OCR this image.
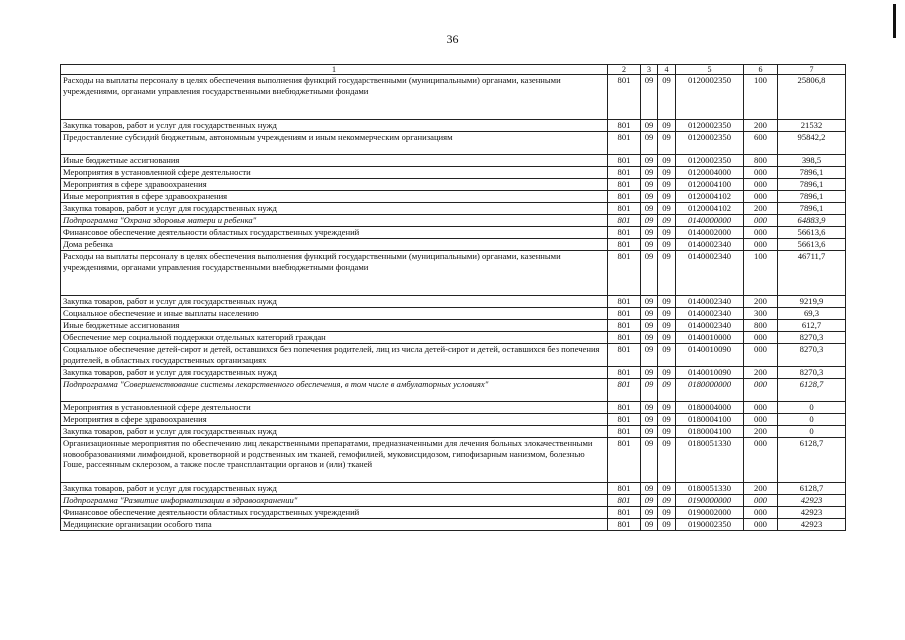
36
1	2	3	4	5	6	7
Расходы на выплаты персоналу в целях обеспечения выполнения функций государственными (муниципальными) органами, казенными учреждениями, органами управления государственными внебюджетными фондами	801	09	09	0120002350	100	25806,8
Закупка товаров, работ и услуг для государственных нужд	801	09	09	0120002350	200	21532
Предоставление субсидий бюджетным, автономным учреждениям и иным некоммерческим организациям	801	09	09	0120002350	600	95842,2
Иные бюджетные ассигнования	801	09	09	0120002350	800	398,5
Мероприятия в установленной сфере деятельности	801	09	09	0120004000	000	7896,1
Мероприятия в сфере здравоохранения	801	09	09	0120004100	000	7896,1
Иные мероприятия в сфере здравоохранения	801	09	09	0120004102	000	7896,1
Закупка товаров, работ и услуг для государственных нужд	801	09	09	0120004102	200	7896,1
Подпрограмма "Охрана здоровья матери и ребенка"	801	09	09	0140000000	000	64883,9
Финансовое обеспечение деятельности областных государственных учреждений	801	09	09	0140002000	000	56613,6
Дома ребенка	801	09	09	0140002340	000	56613,6
Расходы на выплаты персоналу в целях обеспечения выполнения функций государственными (муниципальными) органами, казенными учреждениями, органами управления государственными внебюджетными фондами	801	09	09	0140002340	100	46711,7
Закупка товаров, работ и услуг для государственных нужд	801	09	09	0140002340	200	9219,9
Социальное обеспечение и иные выплаты населению	801	09	09	0140002340	300	69,3
Иные бюджетные ассигнования	801	09	09	0140002340	800	612,7
Обеспечение мер социальной поддержки отдельных категорий граждан	801	09	09	0140010000	000	8270,3
Социальное обеспечение детей-сирот и детей, оставшихся без попечения родителей, лиц из числа детей-сирот и детей, оставшихся без попечения родителей, в областных государственных организациях	801	09	09	0140010090	000	8270,3
Закупка товаров, работ и услуг для государственных нужд	801	09	09	0140010090	200	8270,3
Подпрограмма "Совершенствование системы лекарственного обеспечения, в том числе в амбулаторных условиях"	801	09	09	0180000000	000	6128,7
Мероприятия в установленной сфере деятельности	801	09	09	0180004000	000	0
Мероприятия в сфере здравоохранения	801	09	09	0180004100	000	0
Закупка товаров, работ и услуг для государственных нужд	801	09	09	0180004100	200	0
Организационные мероприятия по обеспечению лиц лекарственными препаратами, предназначенными для лечения больных злокачественными новообразованиями лимфоидной, кроветворной и родственных им тканей, гемофилией, муковисцидозом, гипофизарным нанизмом, болезнью Гоше, рассеянным склерозом, а также после трансплантации органов и (или) тканей	801	09	09	0180051330	000	6128,7
Закупка товаров, работ и услуг для государственных нужд	801	09	09	0180051330	200	6128,7
Подпрограмма "Развитие информатизации в здравоохранении"	801	09	09	0190000000	000	42923
Финансовое обеспечение деятельности областных государственных учреждений	801	09	09	0190002000	000	42923
Медицинские организации особого типа	801	09	09	0190002350	000	42923
